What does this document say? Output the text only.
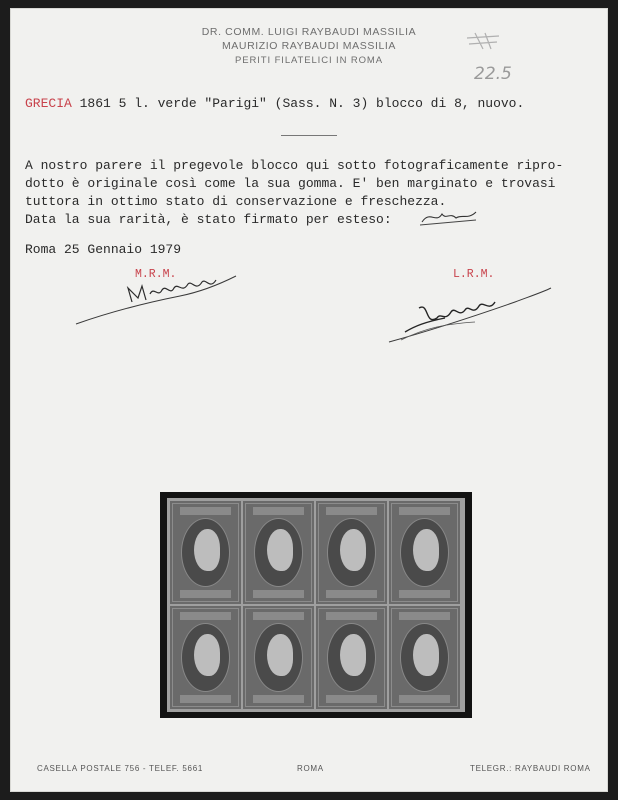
DR. COMM. LUIGI RAYBAUDI MASSILIA
MAURIZIO RAYBAUDI MASSILIA
PERITI FILATELICI IN ROMA
22.5
GRECIA 1861 5 l. verde "Parigi" (Sass. N. 3) blocco di 8, nuovo.
A nostro parere il pregevole blocco qui sotto fotograficamente ripro-
dotto è originale così come la sua gomma. E' ben marginato e trovasi
tuttora in ottimo stato di conservazione e freschezza.
Data la sua rarità, è stato firmato per esteso:
Roma 25 Gennaio 1979
M.R.M.	L.R.M.
CASELLA POSTALE 756 - TELEF. 5661	ROMA	TELEGR.: RAYBAUDI ROMA
